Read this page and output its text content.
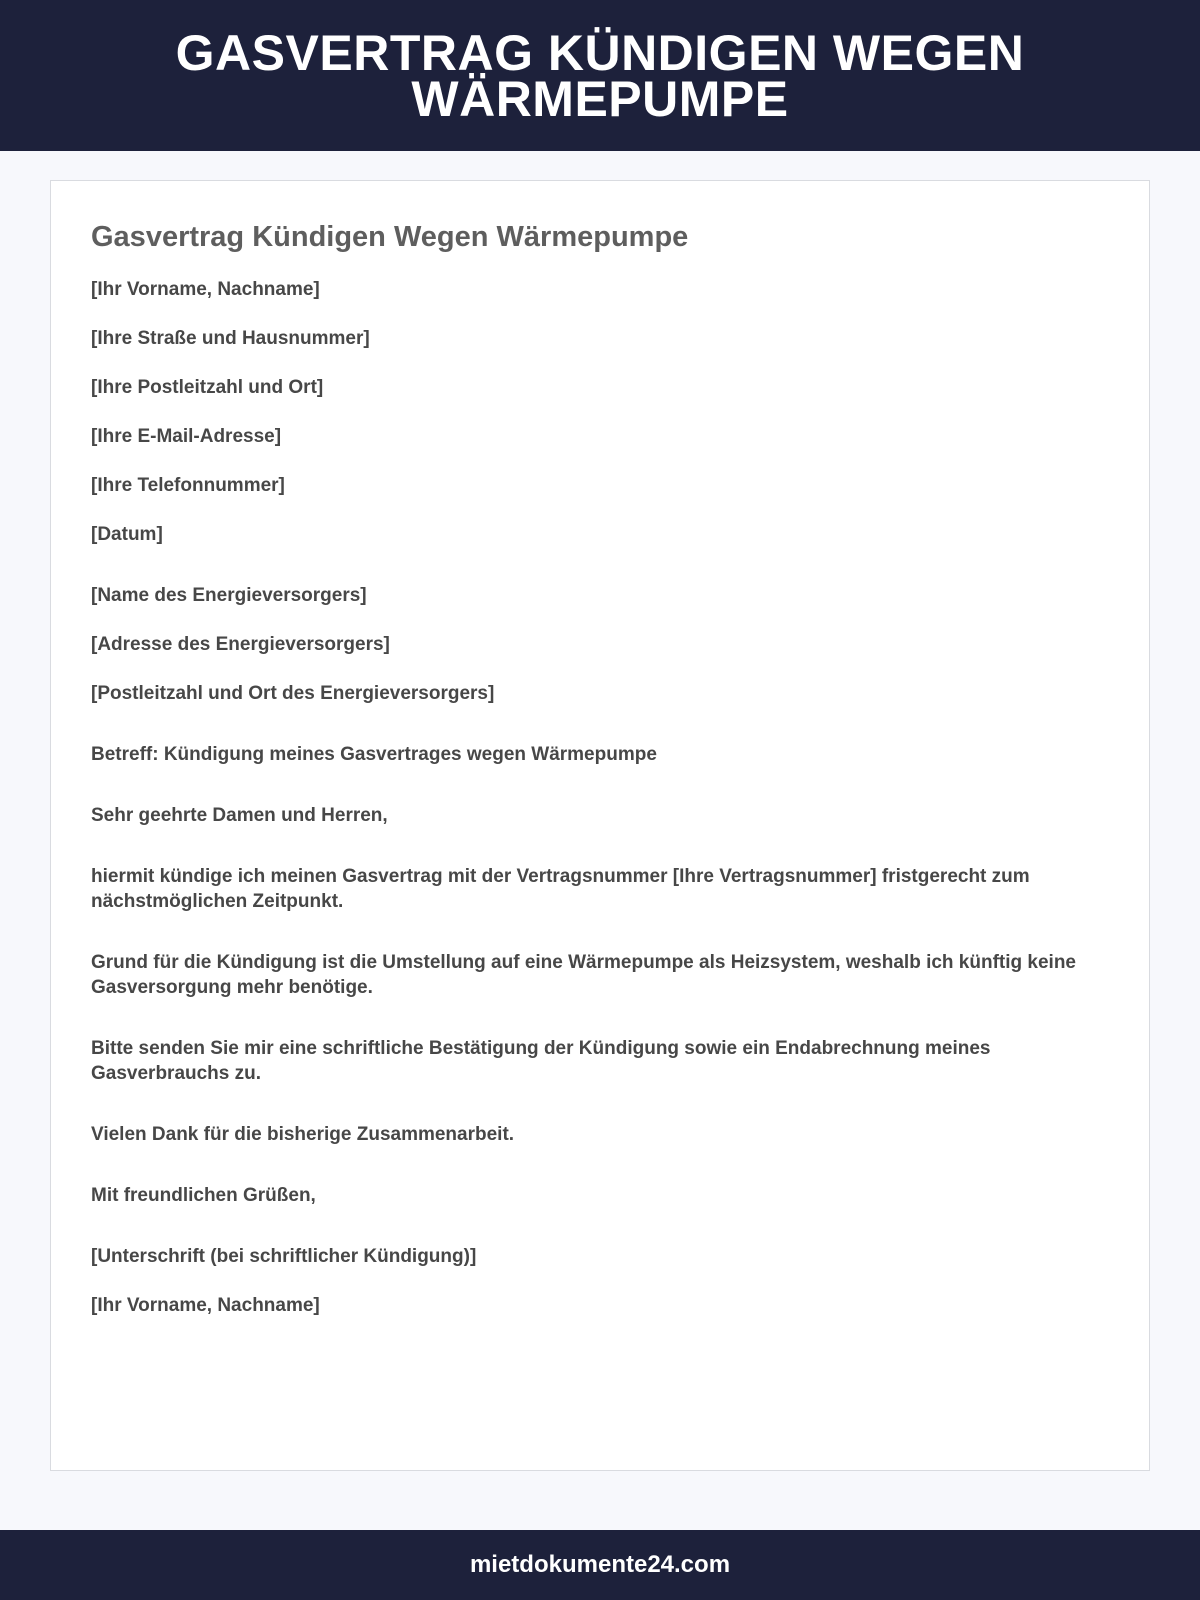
GASVERTRAG KÜNDIGEN WEGEN WÄRMEPUMPE
Gasvertrag Kündigen Wegen Wärmepumpe

[Ihr Vorname, Nachname]

[Ihre Straße und Hausnummer]

[Ihre Postleitzahl und Ort]

[Ihre E-Mail-Adresse]

[Ihre Telefonnummer]

[Datum]

[Name des Energieversorgers]

[Adresse des Energieversorgers]

[Postleitzahl und Ort des Energieversorgers]

Betreff: Kündigung meines Gasvertrages wegen Wärmepumpe

Sehr geehrte Damen und Herren,

hiermit kündige ich meinen Gasvertrag mit der Vertragsnummer [Ihre Vertragsnummer] fristgerecht zum nächstmöglichen Zeitpunkt.

Grund für die Kündigung ist die Umstellung auf eine Wärmepumpe als Heizsystem, weshalb ich künftig keine Gasversorgung mehr benötige.

Bitte senden Sie mir eine schriftliche Bestätigung der Kündigung sowie ein Endabrechnung meines Gasverbrauchs zu.

Vielen Dank für die bisherige Zusammenarbeit.

Mit freundlichen Grüßen,

[Unterschrift (bei schriftlicher Kündigung)]

[Ihr Vorname, Nachname]

mietdokumente24.com
